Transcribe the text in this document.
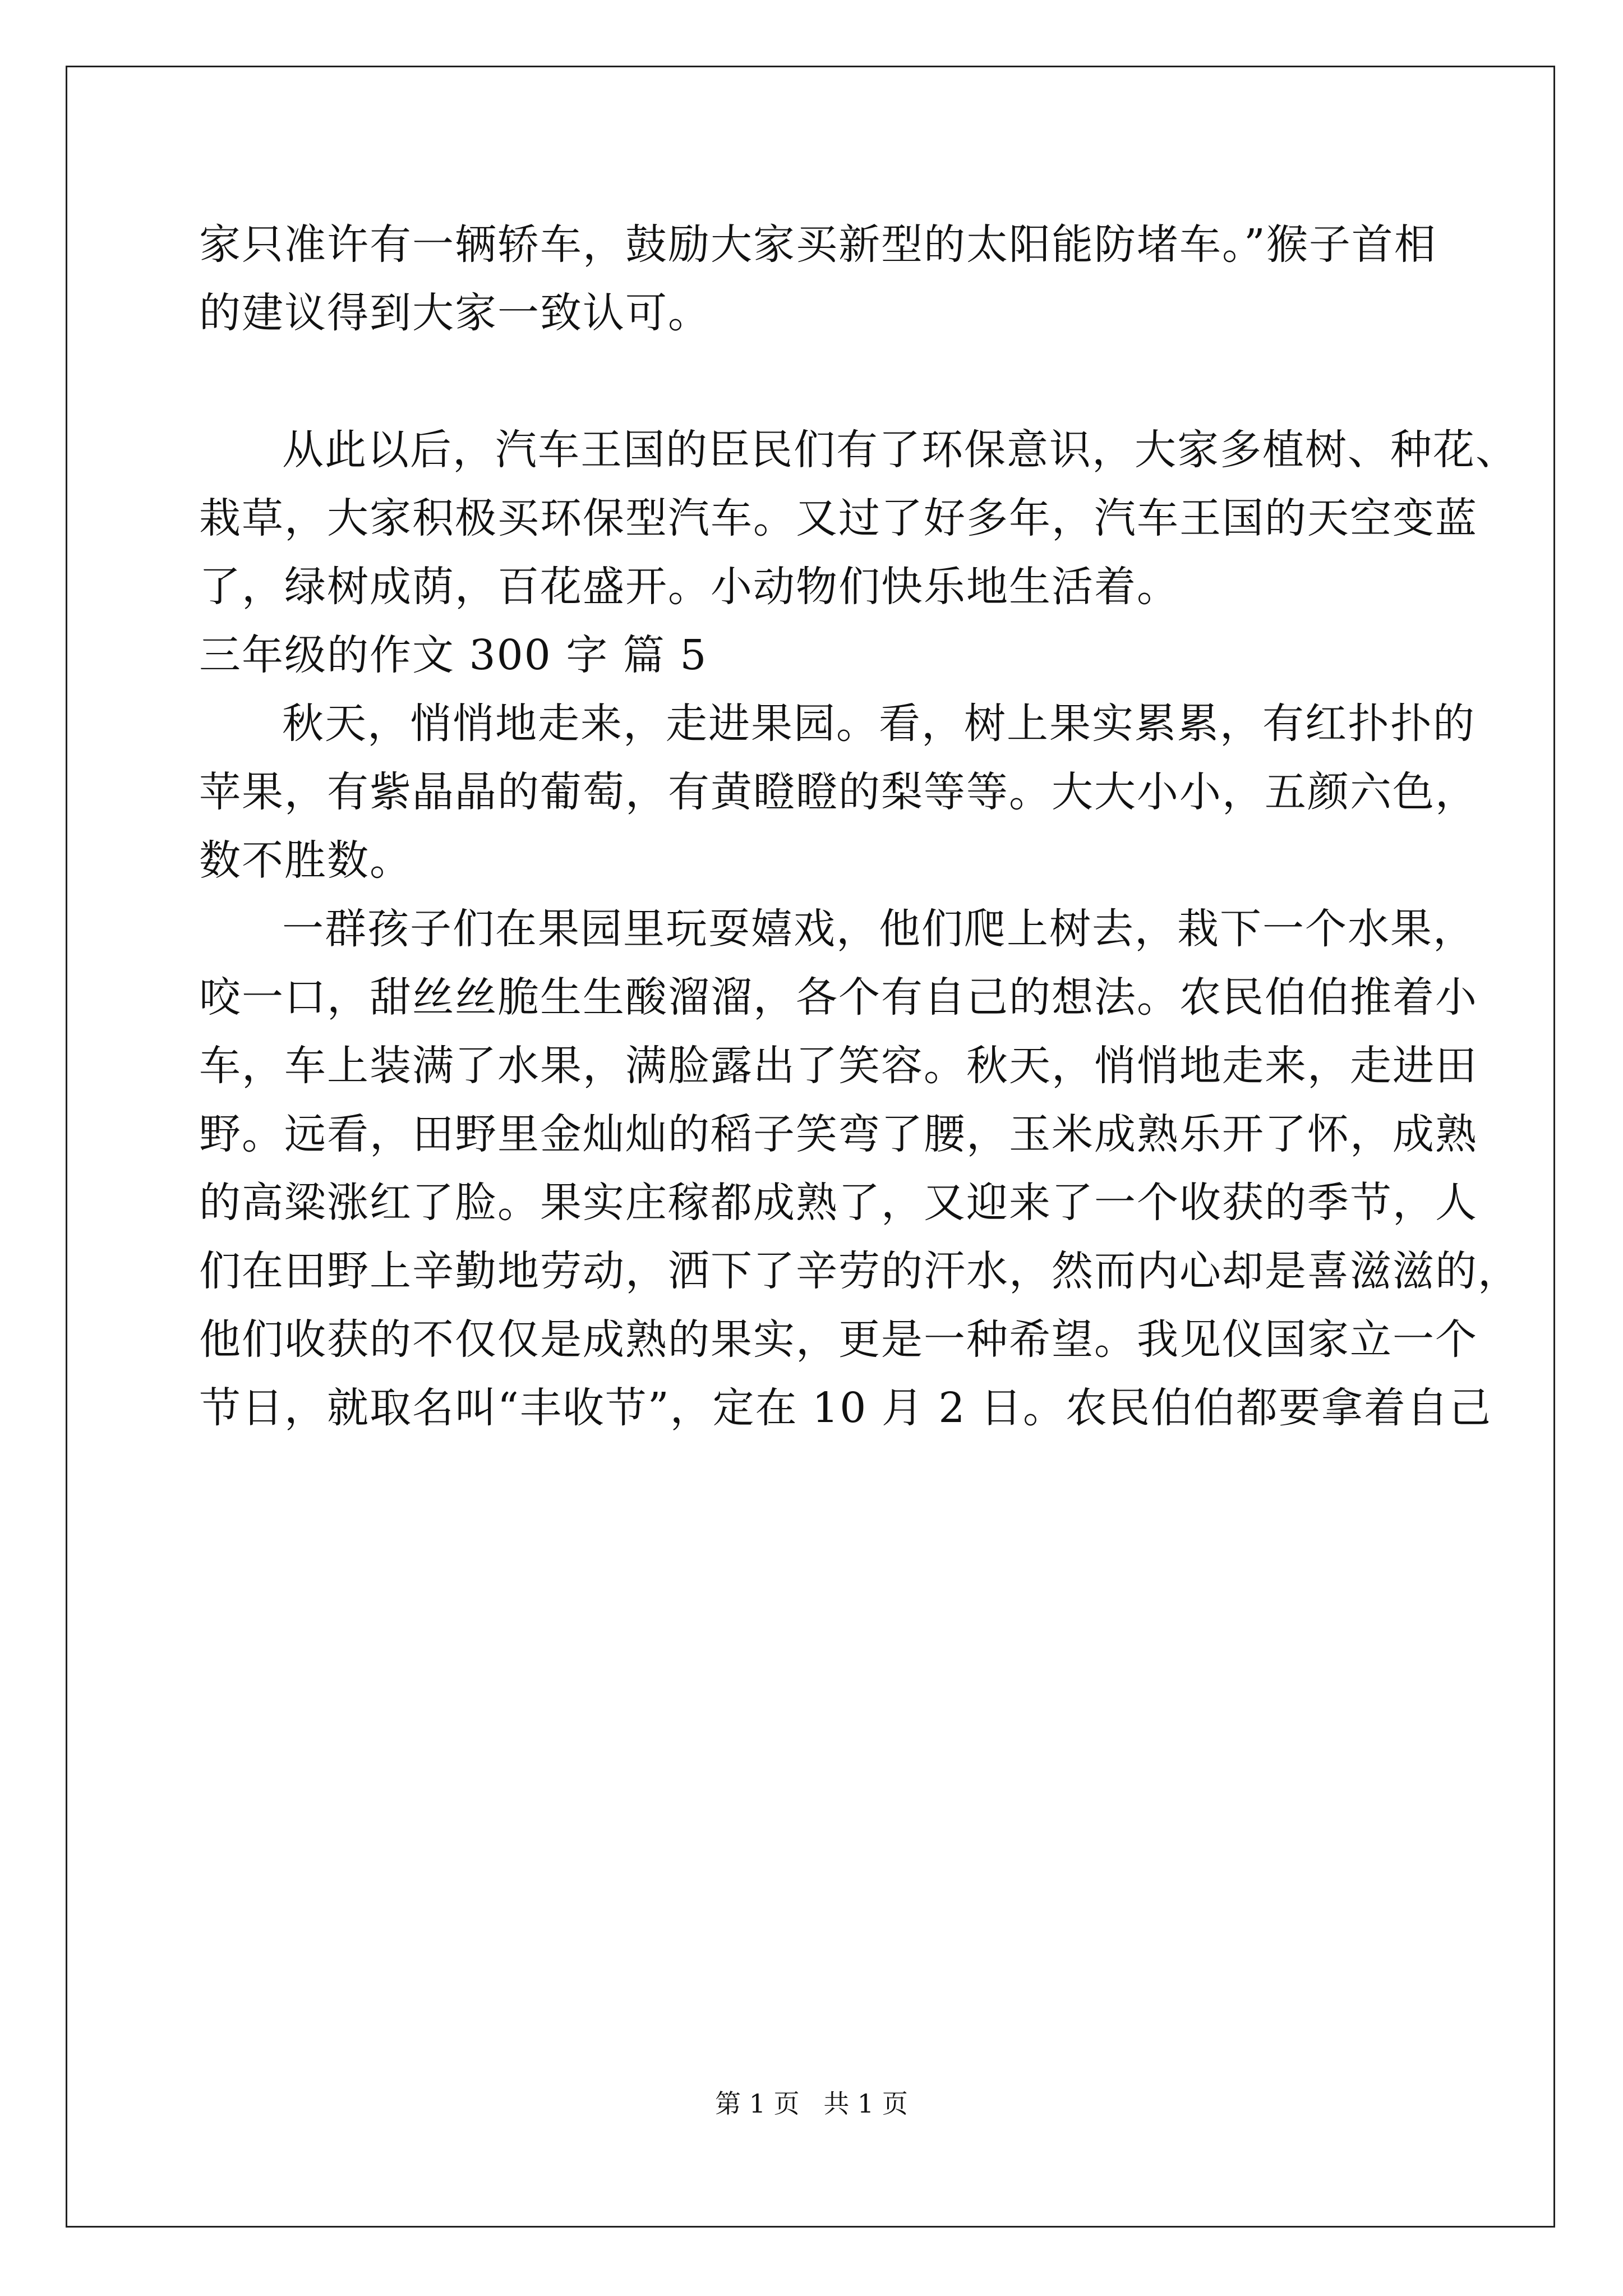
家只准许有一辆轿车，鼓励大家买新型的太阳能防堵车。”猴子首相
的建议得到大家一致认可。
从此以后，汽车王国的臣民们有了环保意识，大家多植树、种花、
栽草，大家积极买环保型汽车。又过了好多年，汽车王国的天空变蓝
了，绿树成荫，百花盛开。小动物们快乐地生活着。
三年级的作文 300 字 篇 5
秋天，悄悄地走来，走进果园。看，树上果实累累，有红扑扑的
苹果，有紫晶晶的葡萄，有黄瞪瞪的梨等等。大大小小，五颜六色，
数不胜数。
一群孩子们在果园里玩耍嬉戏，他们爬上树去，栽下一个水果，
咬一口，甜丝丝脆生生酸溜溜，各个有自己的想法。农民伯伯推着小
车，车上装满了水果，满脸露出了笑容。秋天，悄悄地走来，走进田
野。远看，田野里金灿灿的稻子笑弯了腰，玉米成熟乐开了怀，成熟
的高粱涨红了脸。果实庄稼都成熟了，又迎来了一个收获的季节，人
们在田野上辛勤地劳动，洒下了辛劳的汗水，然而内心却是喜滋滋的，
他们收获的不仅仅是成熟的果实，更是一种希望。我见仪国家立一个
节日，就取名叫“丰收节”，定在 10 月 2 日。农民伯伯都要拿着自己
第 1 页 共 1 页
